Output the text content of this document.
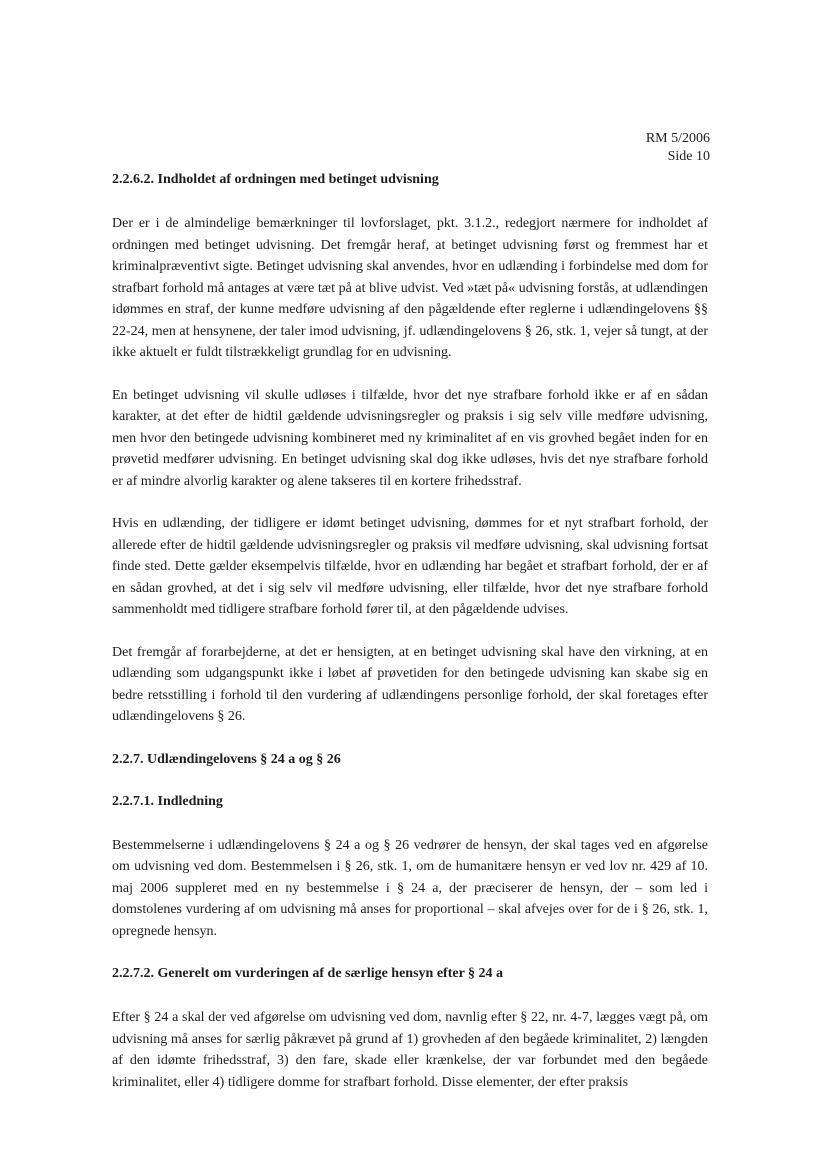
RM 5/2006
Side 10
2.2.6.2. Indholdet af ordningen med betinget udvisning

Der er i de almindelige bemærkninger til lovforslaget, pkt. 3.1.2., redegjort nærmere for indholdet af ordningen med betinget udvisning. Det fremgår heraf, at betinget udvisning først og fremmest har et kriminalpræventivt sigte. Betinget udvisning skal anvendes, hvor en udlænding i forbindelse med dom for strafbart forhold må antages at være tæt på at blive udvist. Ved »tæt på« udvisning forstås, at udlændingen idømmes en straf, der kunne medføre udvisning af den pågældende efter reglerne i udlændingelovens §§ 22-24, men at hensynene, der taler imod udvisning, jf. udlændingelovens § 26, stk. 1, vejer så tungt, at der ikke aktuelt er fuldt tilstrækkeligt grundlag for en udvisning.

En betinget udvisning vil skulle udløses i tilfælde, hvor det nye strafbare forhold ikke er af en sådan karakter, at det efter de hidtil gældende udvisningsregler og praksis i sig selv ville medføre udvisning, men hvor den betingede udvisning kombineret med ny kriminalitet af en vis grovhed begået inden for en prøvetid medfører udvisning. En betinget udvisning skal dog ikke udløses, hvis det nye strafbare forhold er af mindre alvorlig karakter og alene takseres til en kortere frihedsstraf.

Hvis en udlænding, der tidligere er idømt betinget udvisning, dømmes for et nyt strafbart forhold, der allerede efter de hidtil gældende udvisningsregler og praksis vil medføre udvisning, skal udvisning fortsat finde sted. Dette gælder eksempelvis tilfælde, hvor en udlænding har begået et strafbart forhold, der er af en sådan grovhed, at det i sig selv vil medføre udvisning, eller tilfælde, hvor det nye strafbare forhold sammenholdt med tidligere strafbare forhold fører til, at den pågældende udvises.

Det fremgår af forarbejderne, at det er hensigten, at en betinget udvisning skal have den virkning, at en udlænding som udgangspunkt ikke i løbet af prøvetiden for den betingede udvisning kan skabe sig en bedre retsstilling i forhold til den vurdering af udlændingens personlige forhold, der skal foretages efter udlændingelovens § 26.

2.2.7. Udlændingelovens § 24 a og § 26
2.2.7.1. Indledning

Bestemmelserne i udlændingelovens § 24 a og § 26 vedrører de hensyn, der skal tages ved en afgørelse om udvisning ved dom. Bestemmelsen i § 26, stk. 1, om de humanitære hensyn er ved lov nr. 429 af 10. maj 2006 suppleret med en ny bestemmelse i § 24 a, der præciserer de hensyn, der – som led i domstolenes vurdering af om udvisning må anses for proportional – skal afvejes over for de i § 26, stk. 1, opregnede hensyn.

2.2.7.2. Generelt om vurderingen af de særlige hensyn efter § 24 a

Efter § 24 a skal der ved afgørelse om udvisning ved dom, navnlig efter § 22, nr. 4-7, lægges vægt på, om udvisning må anses for særlig påkrævet på grund af 1) grovheden af den begåede kriminalitet, 2) længden af den idømte frihedsstraf, 3) den fare, skade eller krænkelse, der var forbundet med den begåede kriminalitet, eller 4) tidligere domme for strafbart forhold. Disse elementer, der efter praksis
